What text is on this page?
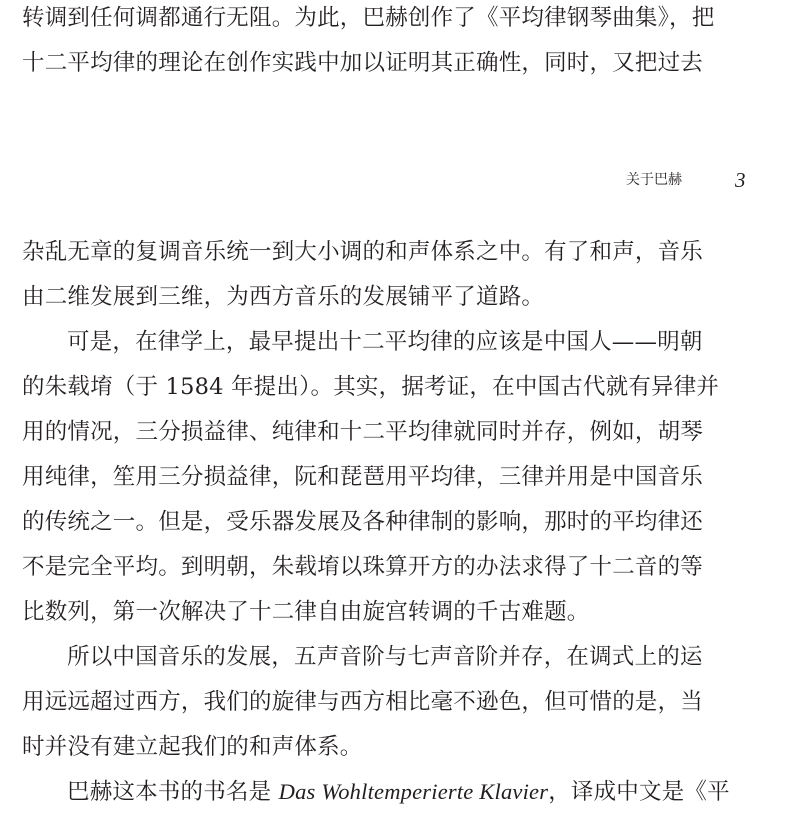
转调到任何调都通行无阻。为此，巴赫创作了《平均律钢琴曲集》，把
十二平均律的理论在创作实践中加以证明其正确性，同时，又把过去
关于巴赫	3
杂乱无章的复调音乐统一到大小调的和声体系之中。有了和声，音乐
由二维发展到三维，为西方音乐的发展铺平了道路。
可是，在律学上，最早提出十二平均律的应该是中国人——明朝
的朱载堉（于 1584 年提出）。其实，据考证，在中国古代就有异律并
用的情况，三分损益律、纯律和十二平均律就同时并存，例如，胡琴
用纯律，笙用三分损益律，阮和琵琶用平均律，三律并用是中国音乐
的传统之一。但是，受乐器发展及各种律制的影响，那时的平均律还
不是完全平均。到明朝，朱载堉以珠算开方的办法求得了十二音的等
比数列，第一次解决了十二律自由旋宫转调的千古难题。
所以中国音乐的发展，五声音阶与七声音阶并存，在调式上的运
用远远超过西方，我们的旋律与西方相比毫不逊色，但可惜的是，当
时并没有建立起我们的和声体系。
巴赫这本书的书名是 Das Wohltemperierte Klavier，译成中文是《平
